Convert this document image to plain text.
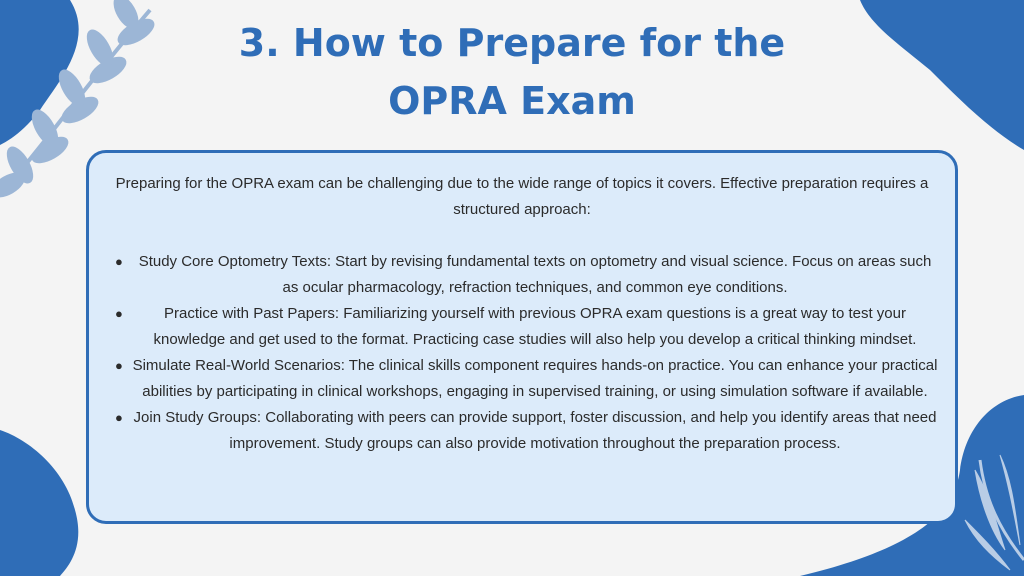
3. How to Prepare for the
OPRA Exam

Preparing for the OPRA exam can be challenging due to the wide range of topics it covers. Effective preparation requires a structured approach:

● Study Core Optometry Texts: Start by revising fundamental texts on optometry and visual science. Focus on areas such as ocular pharmacology, refraction techniques, and common eye conditions.
●	Practice with Past Papers: Familiarizing yourself with previous OPRA exam questions is a great way to test your knowledge and get used to the format. Practicing case studies will also help you develop a critical thinking mindset.
● Simulate Real-World Scenarios: The clinical skills component requires hands-on practice. You can enhance your practical abilities by participating in clinical workshops, engaging in supervised training, or using simulation software if available.
● Join Study Groups: Collaborating with peers can provide support, foster discussion, and help you identify areas that need improvement. Study groups can also provide motivation throughout the preparation process.
